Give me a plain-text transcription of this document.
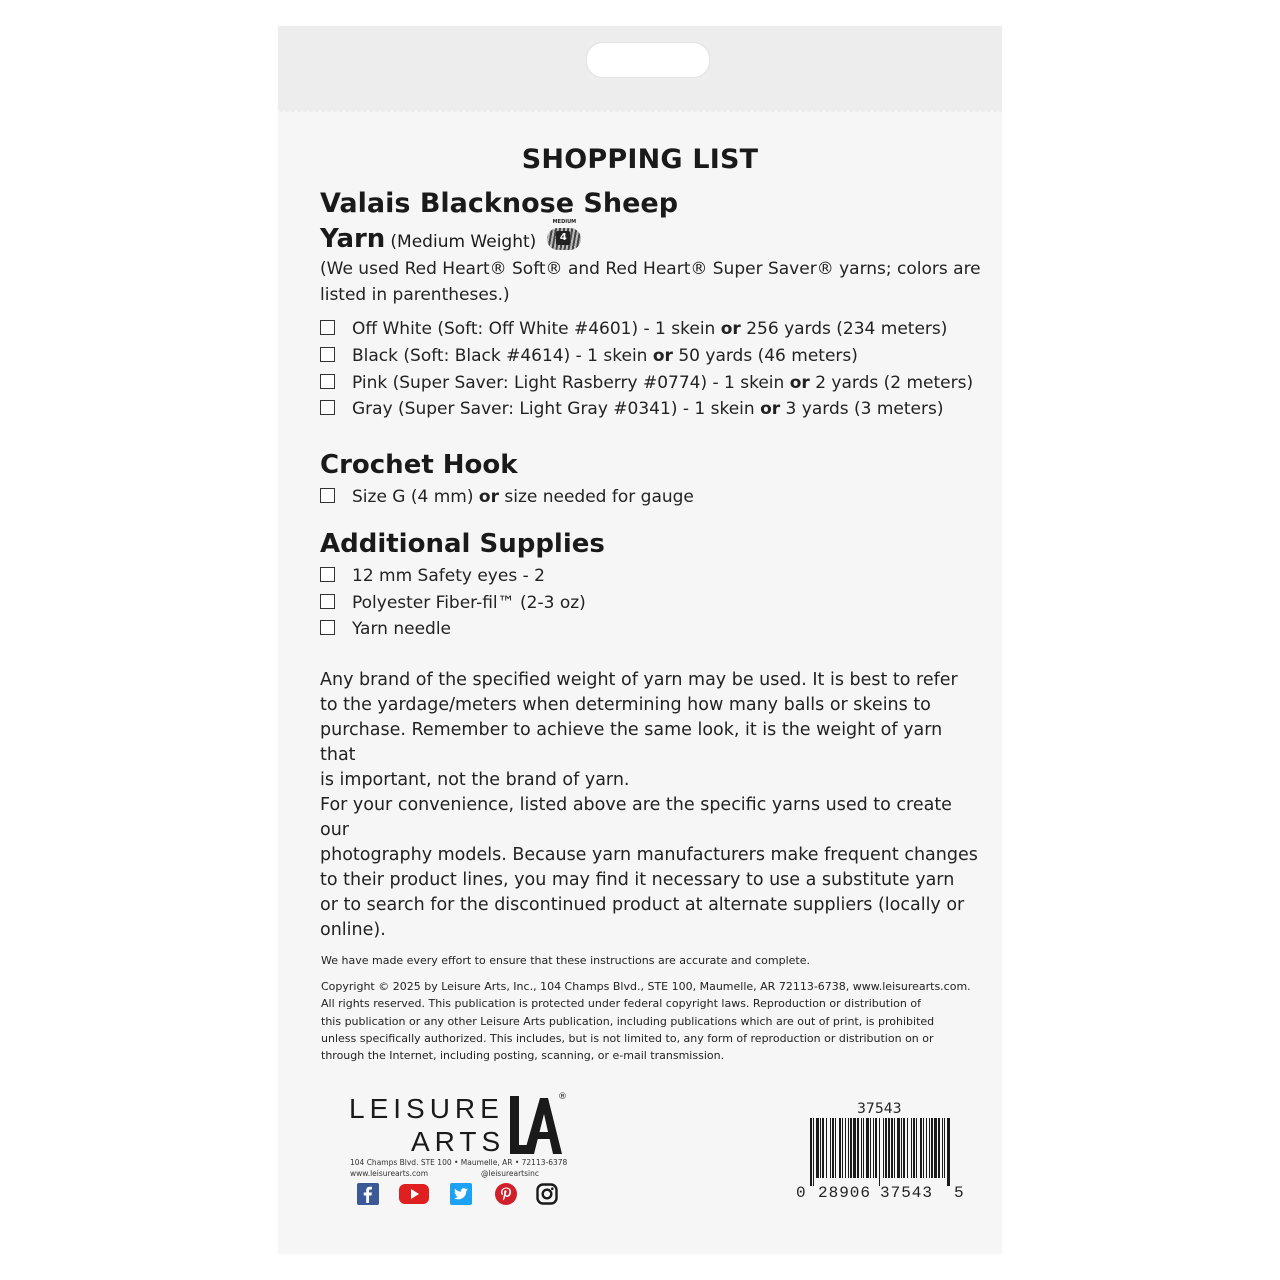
SHOPPING LIST
Valais Blacknose Sheep
Yarn (Medium Weight)
MEDIUM
4
(We used Red Heart® Soft® and Red Heart® Super Saver® yarns; colors are
listed in parentheses.)
Off White (Soft: Off White #4601) - 1 skein or 256 yards (234 meters)
Black (Soft: Black #4614) - 1 skein or 50 yards (46 meters)
Pink (Super Saver: Light Rasberry #0774) - 1 skein or 2 yards (2 meters)
Gray (Super Saver: Light Gray #0341) - 1 skein or 3 yards (3 meters)
Crochet Hook
Size G (4 mm) or size needed for gauge
Additional Supplies
12 mm Safety eyes - 2
Polyester Fiber-fil™ (2-3 oz)
Yarn needle
Any brand of the specified weight of yarn may be used. It is best to refer
to the yardage/meters when determining how many balls or skeins to
purchase. Remember to achieve the same look, it is the weight of yarn that
is important, not the brand of yarn.
For your convenience, listed above are the specific yarns used to create our
photography models. Because yarn manufacturers make frequent changes
to their product lines, you may find it necessary to use a substitute yarn
or to search for the discontinued product at alternate suppliers (locally or
online).
We have made every effort to ensure that these instructions are accurate and complete.
Copyright © 2025 by Leisure Arts, Inc., 104 Champs Blvd., STE 100, Maumelle, AR 72113-6738, www.leisurearts.com.
All rights reserved. This publication is protected under federal copyright laws. Reproduction or distribution of
this publication or any other Leisure Arts publication, including publications which are out of print, is prohibited
unless specifically authorized. This includes, but is not limited to, any form of reproduction or distribution on or
through the Internet, including posting, scanning, or e-mail transmission.
LEISURE
ARTS
®
104 Champs Blvd. STE 100 • Maumelle, AR • 72113-6378
www.leisurearts.com	@leisureartsinc
37543
0 28906 37543 5
